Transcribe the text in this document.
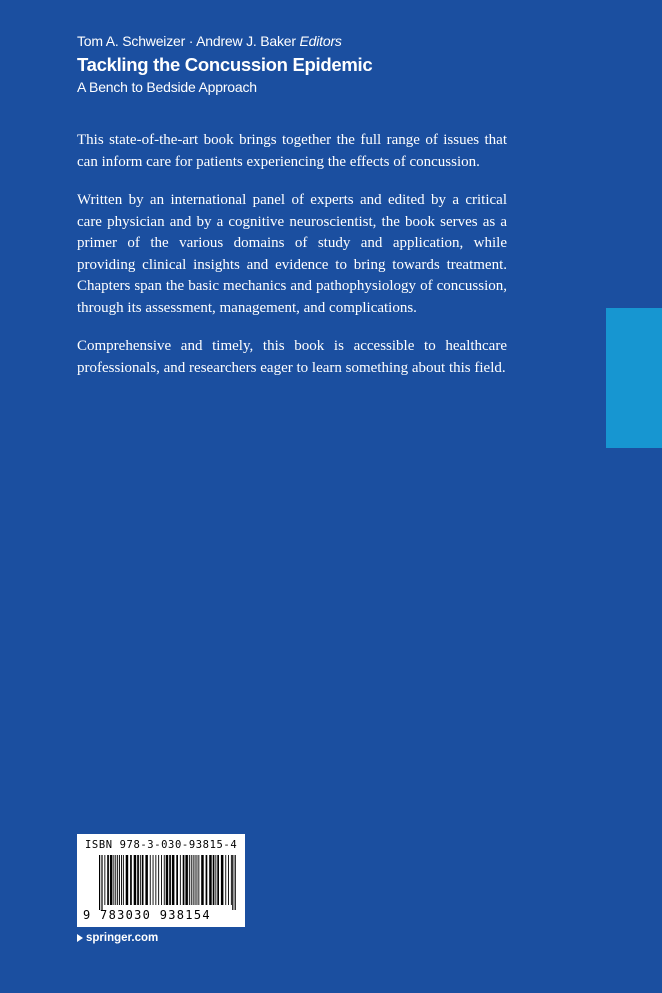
Tom A. Schweizer · Andrew J. Baker Editors
Tackling the Concussion Epidemic
A Bench to Bedside Approach

This state-of-the-art book brings together the full range of issues that can inform care for patients experiencing the effects of concussion.

Written by an international panel of experts and edited by a critical care physician and by a cognitive neuroscientist, the book serves as a primer of the various domains of study and application, while providing clinical insights and evidence to bring towards treatment. Chapters span the basic mechanics and pathophysiology of concussion, through its assessment, management, and complications.

Comprehensive and timely, this book is accessible to healthcare professionals, and researchers eager to learn something about this field.

ISBN 978-3-030-93815-4
9 783030 938154
springer.com
